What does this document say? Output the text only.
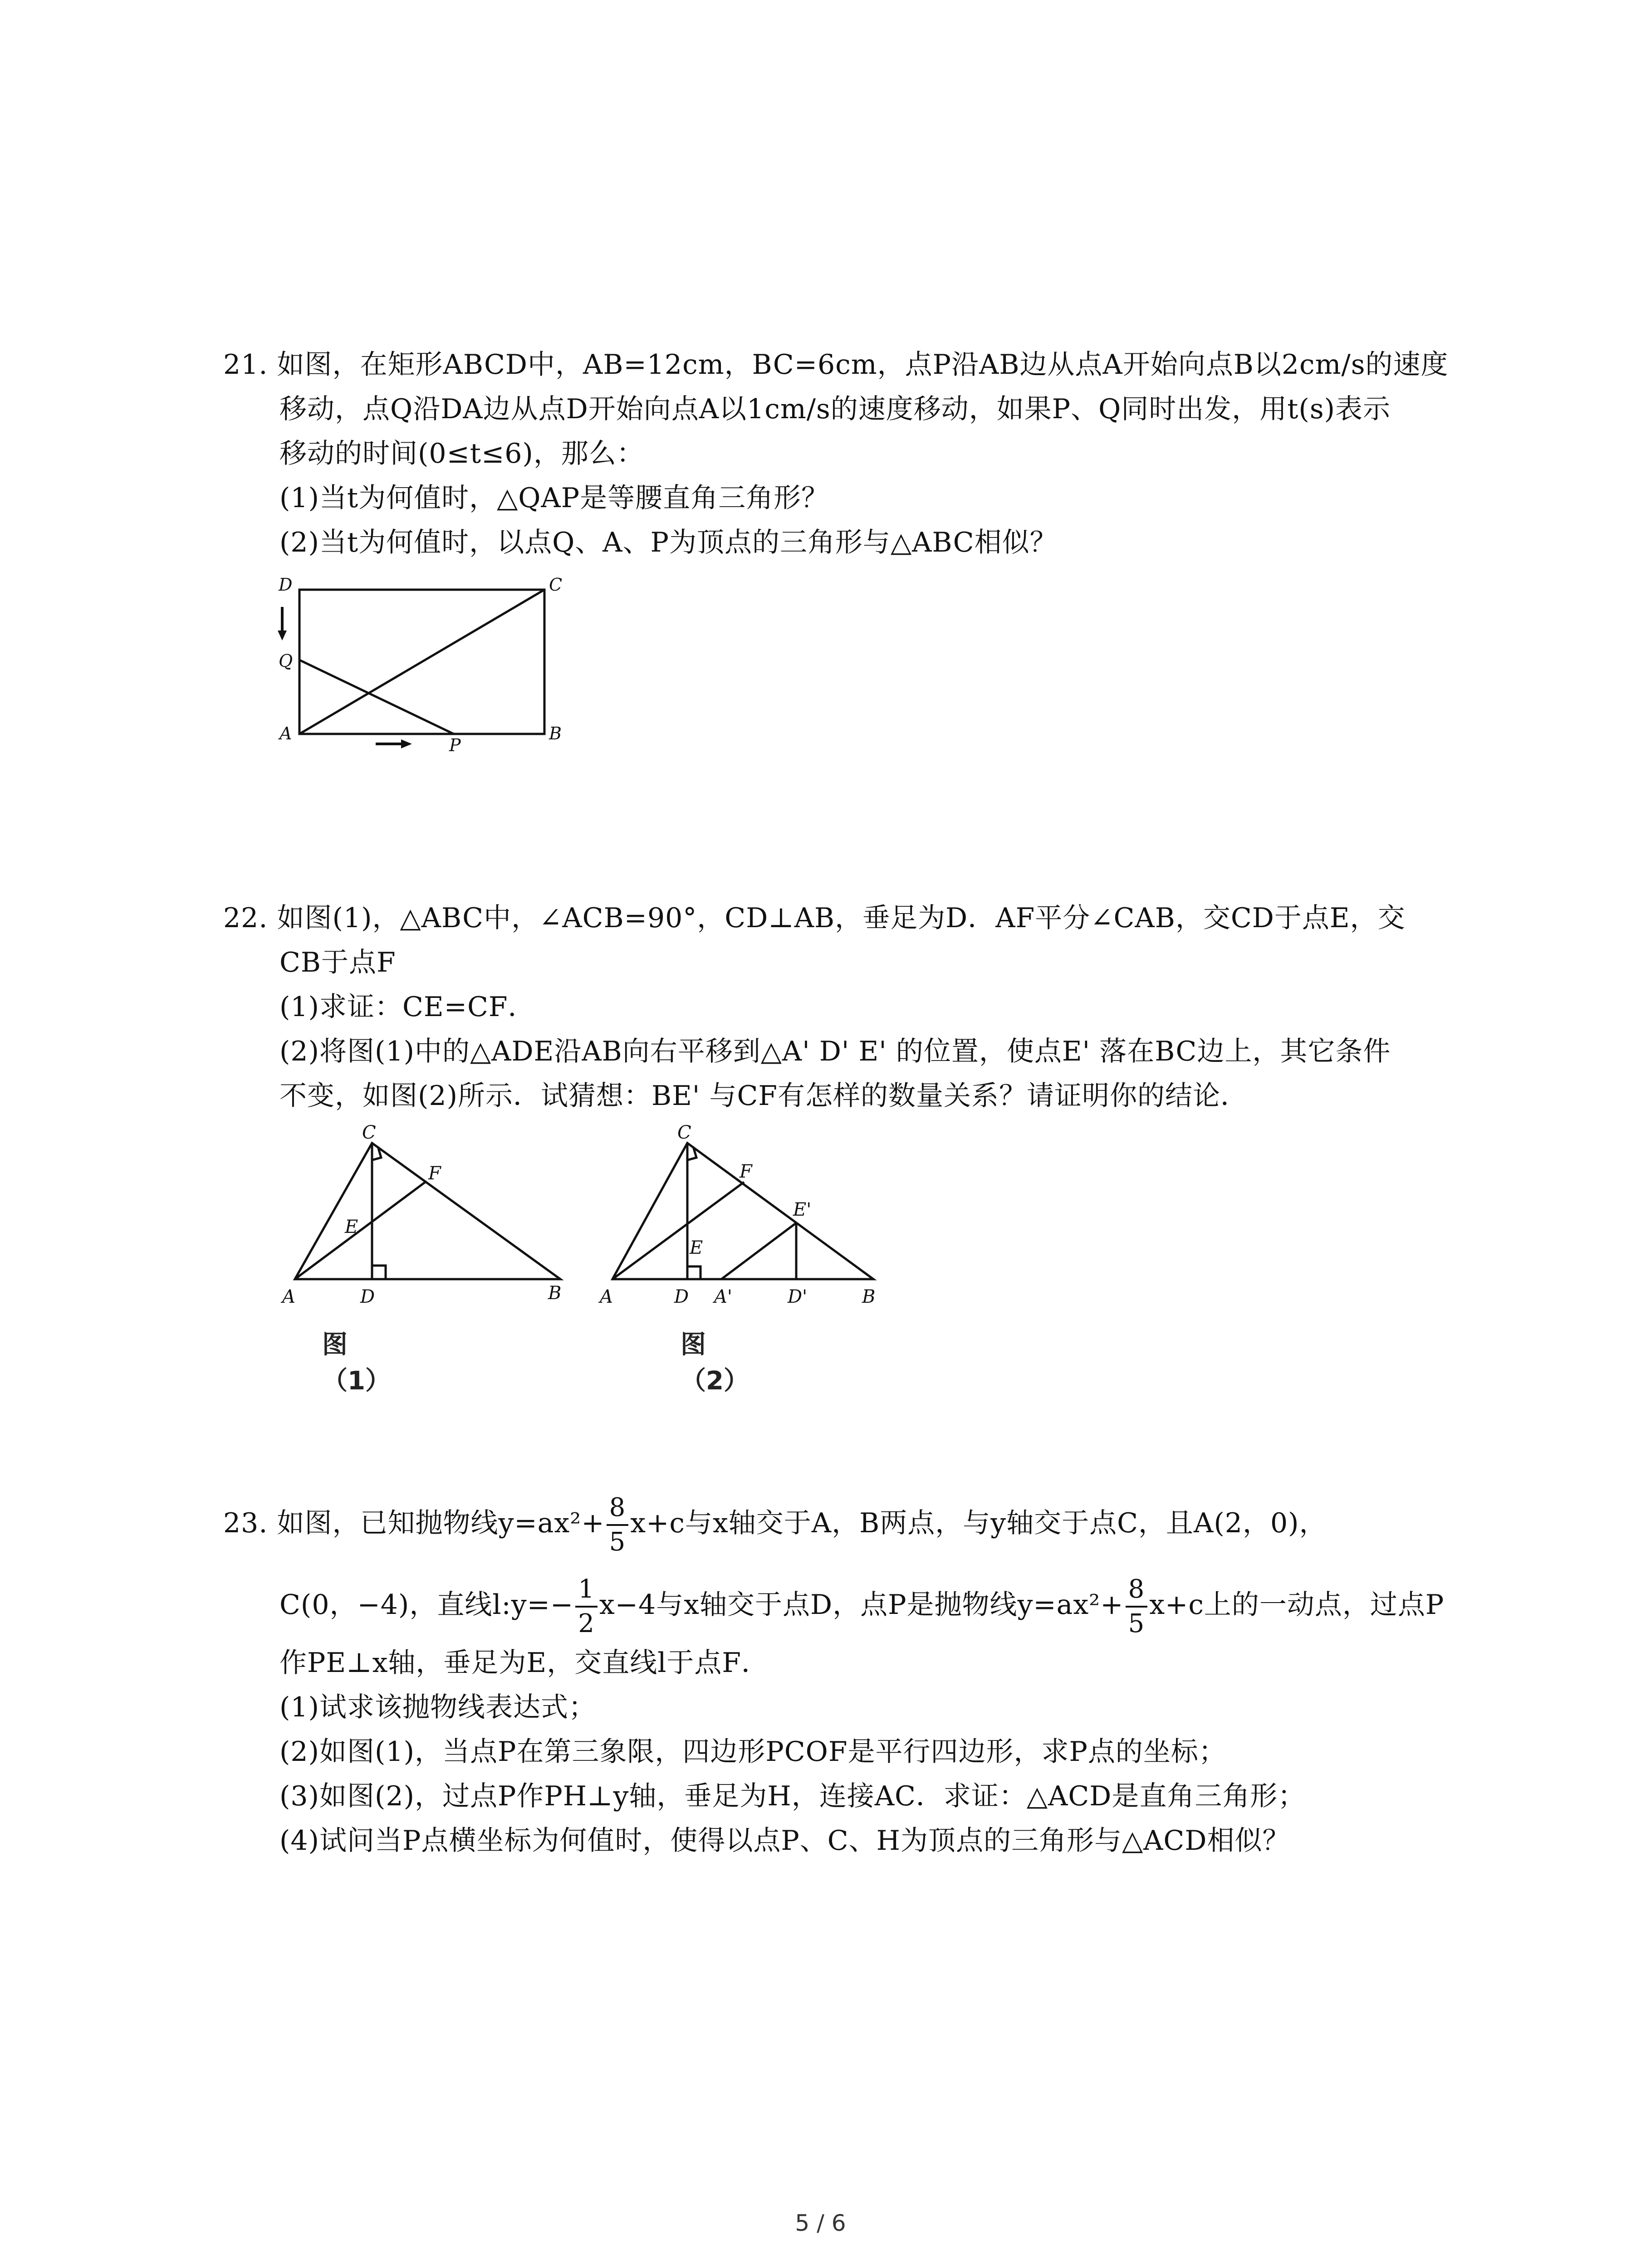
21. 如图，在矩形ABCD中，AB=12cm，BC=6cm，点P沿AB边从点A开始向点B以2cm/s的速度
移动，点Q沿DA边从点D开始向点A以1cm/s的速度移动，如果P、Q同时出发，用t(s)表示
移动的时间(0≤t≤6)，那么：
(1)当t为何值时，△QAP是等腰直角三角形？
(2)当t为何值时，以点Q、A、P为顶点的三角形与△ABC相似？
D	C
Q
A	B
P
22. 如图(1)，△ABC中，∠ACB=90°，CD⊥AB，垂足为D．AF平分∠CAB，交CD于点E，交
CB于点F
(1)求证：CE=CF．
(2)将图(1)中的△ADE沿AB向右平移到△A' D' E' 的位置，使点E' 落在BC边上，其它条件
不变，如图(2)所示．试猜想：BE' 与CF有怎样的数量关系？请证明你的结论．
C
F
E
A	D	B
图（1）
C
F
E'
E
A	D A'	D'	B
图（2）
23. 如图，已知抛物线$y=ax^2+ \frac{8}{5} x+c$与x轴交于A，B两点，与y轴交于点C，且A(2，0)，
C(0，−4)，直线l:y=− $\frac{1}{2} x-4$与x轴交于点D，点P是抛物线$y=ax^2+ \frac{8}{5} x+c$上的一动点，过点P
作PE⊥x轴，垂足为E，交直线l于点F．
(1)试求该抛物线表达式；
(2)如图(1)，当点P在第三象限，四边形PCOF是平行四边形，求P点的坐标；
(3)如图(2)，过点P作PH⊥y轴，垂足为H，连接AC．求证：△ACD是直角三角形；
(4)试问当P点横坐标为何值时，使得以点P、C、H为顶点的三角形与△ACD相似？
5 / 6
